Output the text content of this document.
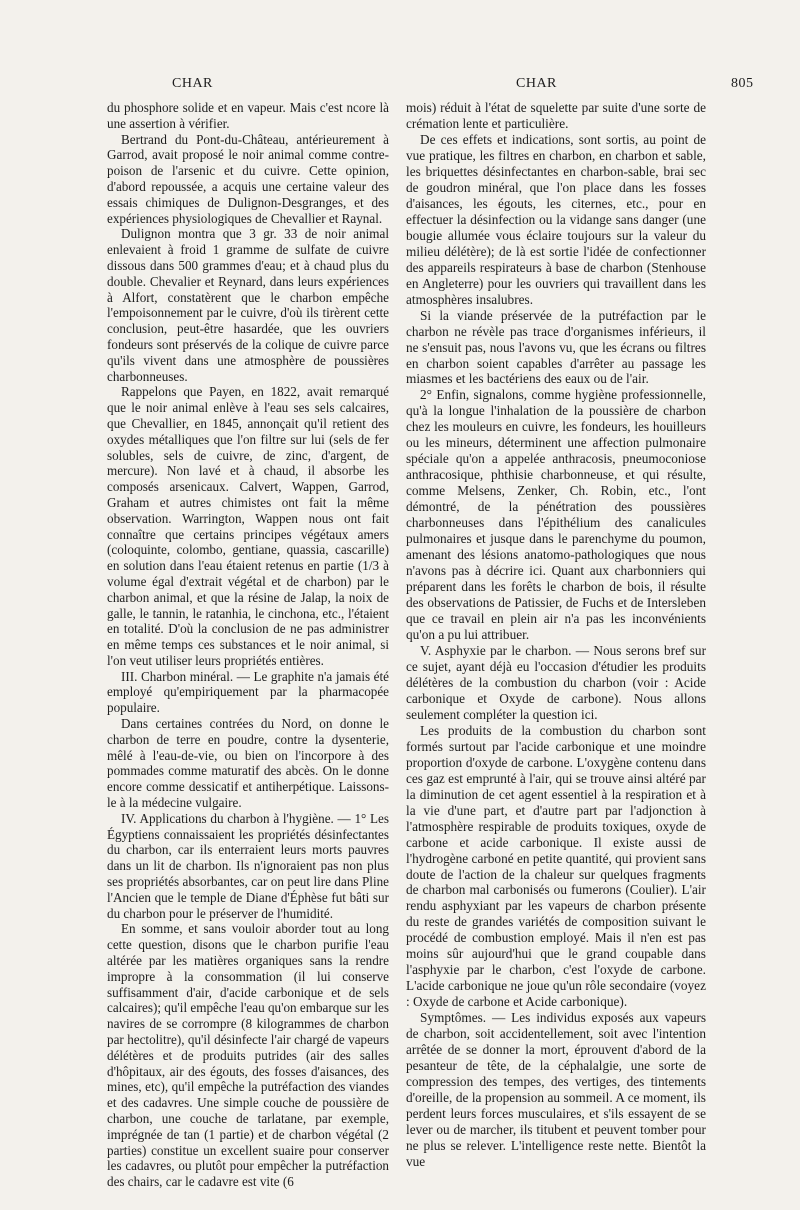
CHAR	CHAR	805

du phosphore solide et en vapeur. Mais c'est ncore là une assertion à vérifier.

Bertrand du Pont-du-Château, antérieurement à Garrod, avait proposé le noir animal comme contre-poison de l'arsenic et du cuivre. Cette opinion, d'abord repoussée, a acquis une certaine valeur des essais chimiques de Dulignon-Desgranges, et des expériences physiologiques de Chevallier et Raynal.

Dulignon montra que 3 gr. 33 de noir animal enlevaient à froid 1 gramme de sulfate de cuivre dissous dans 500 grammes d'eau; et à chaud plus du double. Chevalier et Reynard, dans leurs expériences à Alfort, constatèrent que le charbon empêche l'empoisonnement par le cuivre, d'où ils tirèrent cette conclusion, peut-être hasardée, que les ouvriers fondeurs sont préservés de la colique de cuivre parce qu'ils vivent dans une atmosphère de poussières charbonneuses.

Rappelons que Payen, en 1822, avait remarqué que le noir animal enlève à l'eau ses sels calcaires, que Chevallier, en 1845, annonçait qu'il retient des oxydes métalliques que l'on filtre sur lui (sels de fer solubles, sels de cuivre, de zinc, d'argent, de mercure). Non lavé et à chaud, il absorbe les composés arsenicaux. Calvert, Wappen, Garrod, Graham et autres chimistes ont fait la même observation. Warrington, Wappen nous ont fait connaître que certains principes végétaux amers (coloquinte, colombo, gentiane, quassia, cascarille) en solution dans l'eau étaient retenus en partie (1/3 à volume égal d'extrait végétal et de charbon) par le charbon animal, et que la résine de Jalap, la noix de galle, le tannin, le ratanhia, le cinchona, etc., l'étaient en totalité. D'où la conclusion de ne pas administrer en même temps ces substances et le noir animal, si l'on veut utiliser leurs propriétés entières.

III. Charbon minéral. — Le graphite n'a jamais été employé qu'empiriquement par la pharmacopée populaire.

Dans certaines contrées du Nord, on donne le charbon de terre en poudre, contre la dysenterie, mêlé à l'eau-de-vie, ou bien on l'incorpore à des pommades comme maturatif des abcès. On le donne encore comme dessicatif et antiherpétique. Laissons-le à la médecine vulgaire.

IV. Applications du charbon à l'hygiène. — 1° Les Égyptiens connaissaient les propriétés désinfectantes du charbon, car ils enterraient leurs morts pauvres dans un lit de charbon. Ils n'ignoraient pas non plus ses propriétés absorbantes, car on peut lire dans Pline l'Ancien que le temple de Diane d'Éphèse fut bâti sur du charbon pour le préserver de l'humidité.

En somme, et sans vouloir aborder tout au long cette question, disons que le charbon purifie l'eau altérée par les matières organiques sans la rendre impropre à la consommation (il lui conserve suffisamment d'air, d'acide carbonique et de sels calcaires); qu'il empêche l'eau qu'on embarque sur les navires de se corrompre (8 kilogrammes de charbon par hectolitre), qu'il désinfecte l'air chargé de vapeurs délétères et de produits putrides (air des salles d'hôpitaux, air des égouts, des fosses d'aisances, des mines, etc), qu'il empêche la putréfaction des viandes et des cadavres. Une simple couche de poussière de charbon, une couche de tarlatane, par exemple, imprégnée de tan (1 partie) et de charbon végétal (2 parties) constitue un excellent suaire pour conserver les cadavres, ou plutôt pour empêcher la putréfaction des chairs, car le cadavre est vite (6

mois) réduit à l'état de squelette par suite d'une sorte de crémation lente et particulière.

De ces effets et indications, sont sortis, au point de vue pratique, les filtres en charbon, en charbon et sable, les briquettes désinfectantes en charbon-sable, brai sec de goudron minéral, que l'on place dans les fosses d'aisances, les égouts, les citernes, etc., pour en effectuer la désinfection ou la vidange sans danger (une bougie allumée vous éclaire toujours sur la valeur du milieu délétère); de là est sortie l'idée de confectionner des appareils respirateurs à base de charbon (Stenhouse en Angleterre) pour les ouvriers qui travaillent dans les atmosphères insalubres.

Si la viande préservée de la putréfaction par le charbon ne révèle pas trace d'organismes inférieurs, il ne s'ensuit pas, nous l'avons vu, que les écrans ou filtres en charbon soient capables d'arrêter au passage les miasmes et les bactériens des eaux ou de l'air.

2° Enfin, signalons, comme hygiène professionnelle, qu'à la longue l'inhalation de la poussière de charbon chez les mouleurs en cuivre, les fondeurs, les houilleurs ou les mineurs, déterminent une affection pulmonaire spéciale qu'on a appelée anthracosis, pneumoconiose anthracosique, phthisie charbonneuse, et qui résulte, comme Melsens, Zenker, Ch. Robin, etc., l'ont démontré, de la pénétration des poussières charbonneuses dans l'épithélium des canalicules pulmonaires et jusque dans le parenchyme du poumon, amenant des lésions anatomo-pathologiques que nous n'avons pas à décrire ici. Quant aux charbonniers qui préparent dans les forêts le charbon de bois, il résulte des observations de Patissier, de Fuchs et de Intersleben que ce travail en plein air n'a pas les inconvénients qu'on a pu lui attribuer.

V. Asphyxie par le charbon. — Nous serons bref sur ce sujet, ayant déjà eu l'occasion d'étudier les produits délétères de la combustion du charbon (voir : Acide carbonique et Oxyde de carbone). Nous allons seulement compléter la question ici.

Les produits de la combustion du charbon sont formés surtout par l'acide carbonique et une moindre proportion d'oxyde de carbone. L'oxygène contenu dans ces gaz est emprunté à l'air, qui se trouve ainsi altéré par la diminution de cet agent essentiel à la respiration et à la vie d'une part, et d'autre part par l'adjonction à l'atmosphère respirable de produits toxiques, oxyde de carbone et acide carbonique. Il existe aussi de l'hydrogène carboné en petite quantité, qui provient sans doute de l'action de la chaleur sur quelques fragments de charbon mal carbonisés ou fumerons (Coulier). L'air rendu asphyxiant par les vapeurs de charbon présente du reste de grandes variétés de composition suivant le procédé de combustion employé. Mais il n'en est pas moins sûr aujourd'hui que le grand coupable dans l'asphyxie par le charbon, c'est l'oxyde de carbone. L'acide carbonique ne joue qu'un rôle secondaire (voyez : Oxyde de carbone et Acide carbonique).

Symptômes. — Les individus exposés aux vapeurs de charbon, soit accidentellement, soit avec l'intention arrêtée de se donner la mort, éprouvent d'abord de la pesanteur de tête, de la céphalalgie, une sorte de compression des tempes, des vertiges, des tintements d'oreille, de la propension au sommeil. A ce moment, ils perdent leurs forces musculaires, et s'ils essayent de se lever ou de marcher, ils titubent et peuvent tomber pour ne plus se relever. L'intelligence reste nette. Bientôt la vue
